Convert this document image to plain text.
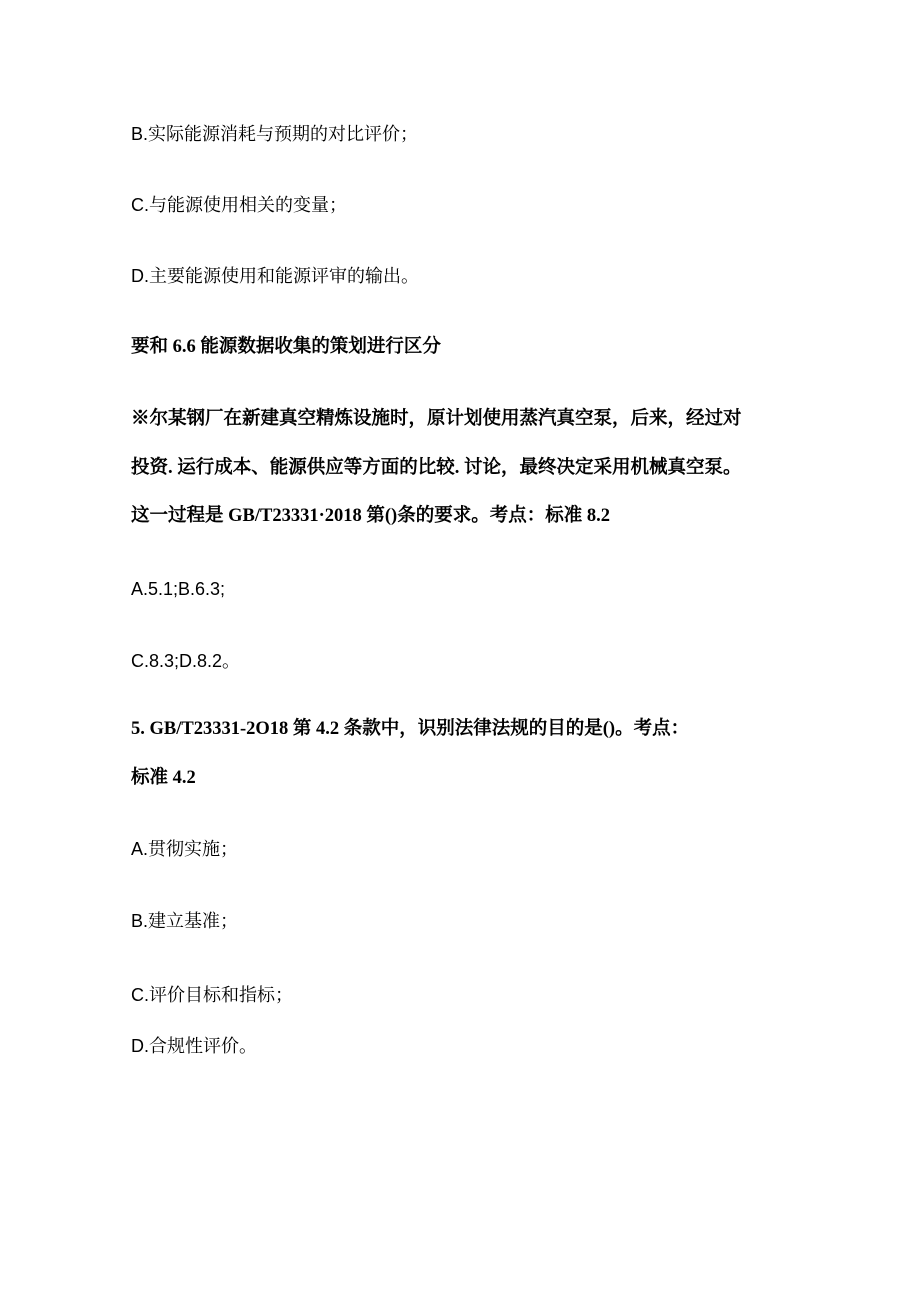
B.实际能源消耗与预期的对比评价；
C.与能源使用相关的变量；
D.主要能源使用和能源评审的输出。
要和 6.6 能源数据收集的策划进行区分
※尔某钢厂在新建真空精炼设施时，原计划使用蒸汽真空泵，后来，经过对
投资. 运行成本、能源供应等方面的比较. 讨论，最终决定采用机械真空泵。
这一过程是 GB/T23331·2018 第()条的要求。考点：标准 8.2
A.5.1;B.6.3;
C.8.3;D.8.2。
5. GB/T23331-2O18 第 4.2 条款中，识别法律法规的目的是()。考点：
标准 4.2
A.贯彻实施；
B.建立基准；
C.评价目标和指标；
D.合规性评价。
